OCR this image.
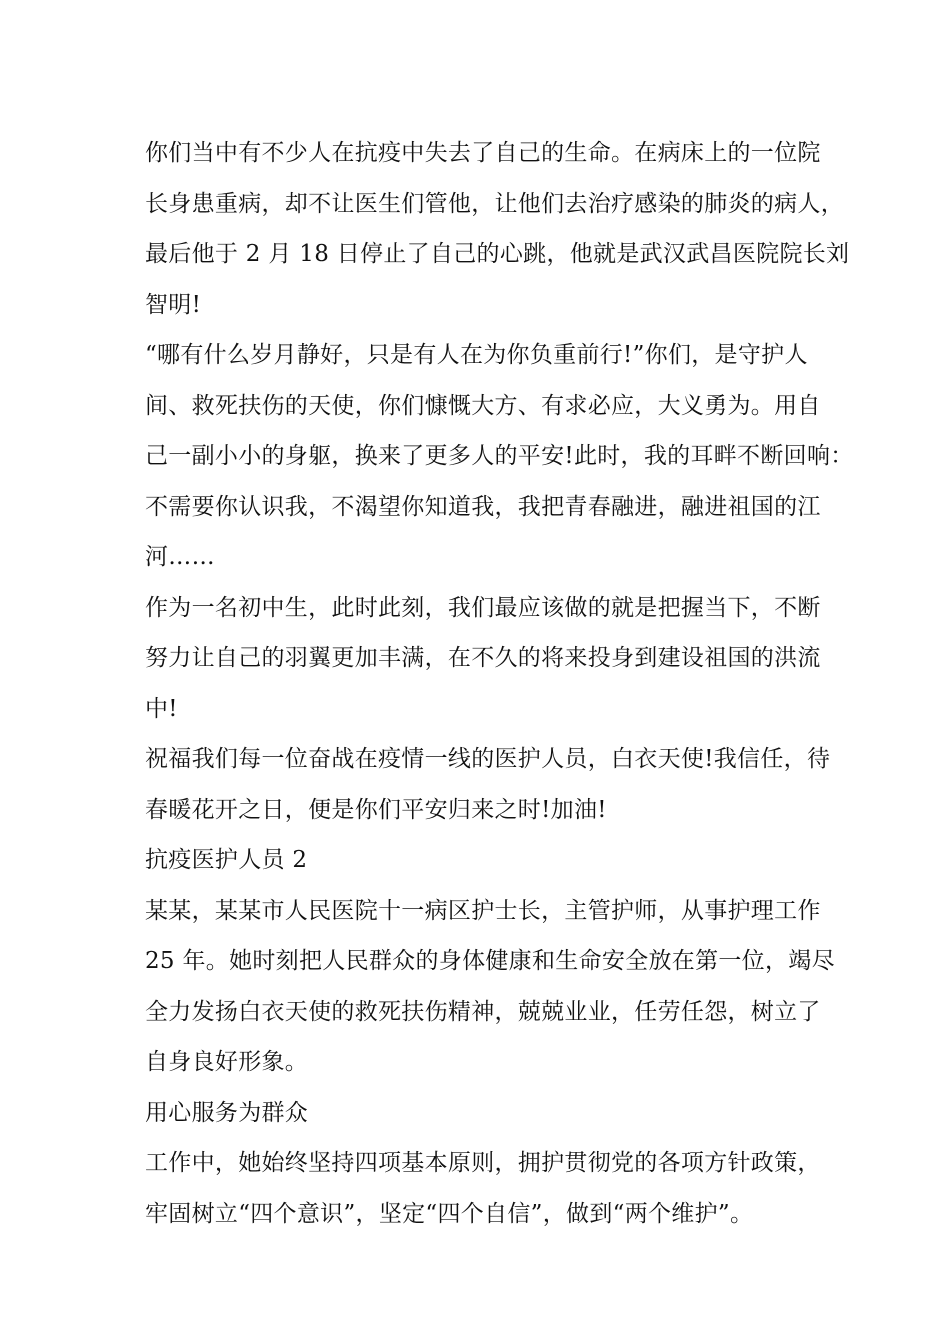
你们当中有不少人在抗疫中失去了自己的生命。在病床上的一位院
长身患重病，却不让医生们管他，让他们去治疗感染的肺炎的病人，
最后他于 2 月 18 日停止了自己的心跳，他就是武汉武昌医院院长刘
智明!
“哪有什么岁月静好，只是有人在为你负重前行!”你们，是守护人
间、救死扶伤的天使，你们慷慨大方、有求必应，大义勇为。用自
己一副小小的身躯，换来了更多人的平安!此时，我的耳畔不断回响：
不需要你认识我，不渴望你知道我，我把青春融进，融进祖国的江
河……
作为一名初中生，此时此刻，我们最应该做的就是把握当下，不断
努力让自己的羽翼更加丰满，在不久的将来投身到建设祖国的洪流
中!
祝福我们每一位奋战在疫情一线的医护人员，白衣天使!我信任，待
春暖花开之日，便是你们平安归来之时!加油!
抗疫医护人员 2
某某，某某市人民医院十一病区护士长，主管护师，从事护理工作
25 年。她时刻把人民群众的身体健康和生命安全放在第一位，竭尽
全力发扬白衣天使的救死扶伤精神，兢兢业业，任劳任怨，树立了
自身良好形象。
用心服务为群众
工作中，她始终坚持四项基本原则，拥护贯彻党的各项方针政策，
牢固树立“四个意识”，坚定“四个自信”，做到“两个维护”。
